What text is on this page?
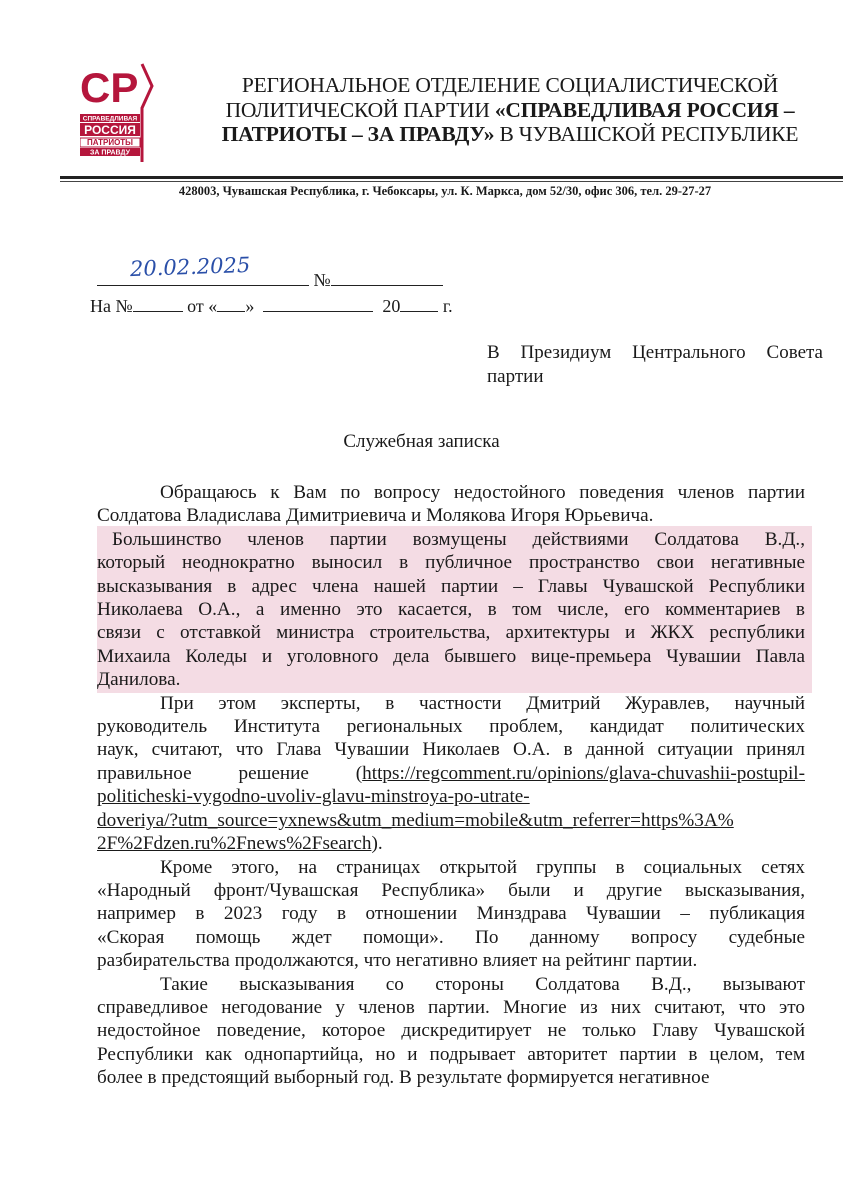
СР
СПРАВЕДЛИВАЯ
РОССИЯ
ПАТРИОТЫ
ЗА ПРАВДУ
РЕГИОНАЛЬНОЕ ОТДЕЛЕНИЕ СОЦИАЛИСТИЧЕСКОЙ
ПОЛИТИЧЕСКОЙ ПАРТИИ «СПРАВЕДЛИВАЯ РОССИЯ –
ПАТРИОТЫ – ЗА ПРАВДУ» В ЧУВАШСКОЙ РЕСПУБЛИКЕ
428003, Чувашская Республика, г. Чебоксары, ул. К. Маркса, дом 52/30, офис 306, тел. 29-27-27
20.02.2025	№
На №	от « »	20 г.
В Президиум Центрального Совета
партии
Служебная записка
Обращаюсь к Вам по вопросу недостойного поведения членов партии
Солдатова Владислава Димитриевича и Молякова Игоря Юрьевича.
Большинство членов партии возмущены действиями Солдатова В.Д.,
который неоднократно выносил в публичное пространство свои негативные
высказывания в адрес члена нашей партии – Главы Чувашской Республики
Николаева О.А., а именно это касается, в том числе, его комментариев в
связи с отставкой министра строительства, архитектуры и ЖКХ республики
Михаила Коледы и уголовного дела бывшего вице-премьера Чувашии Павла
Данилова.
При этом эксперты, в частности Дмитрий Журавлев, научный
руководитель Института региональных проблем, кандидат политических
наук, считают, что Глава Чувашии Николаев О.А. в данной ситуации принял
правильное решение (https://regcomment.ru/opinions/glava-chuvashii-postupil-
politicheski-vygodno-uvoliv-glavu-minstroya-po-utrate-
doveriya/?utm_source=yxnews&utm_medium=mobile&utm_referrer=https%3A%
2F%2Fdzen.ru%2Fnews%2Fsearch).
Кроме этого, на страницах открытой группы в социальных сетях
«Народный фронт/Чувашская Республика» были и другие высказывания,
например в 2023 году в отношении Минздрава Чувашии – публикация
«Скорая помощь ждет помощи». По данному вопросу судебные
разбирательства продолжаются, что негативно влияет на рейтинг партии.
Такие высказывания со стороны Солдатова В.Д., вызывают
справедливое негодование у членов партии. Многие из них считают, что это
недостойное поведение, которое дискредитирует не только Главу Чувашской
Республики как однопартийца, но и подрывает авторитет партии в целом, тем
более в предстоящий выборный год. В результате формируется негативное
